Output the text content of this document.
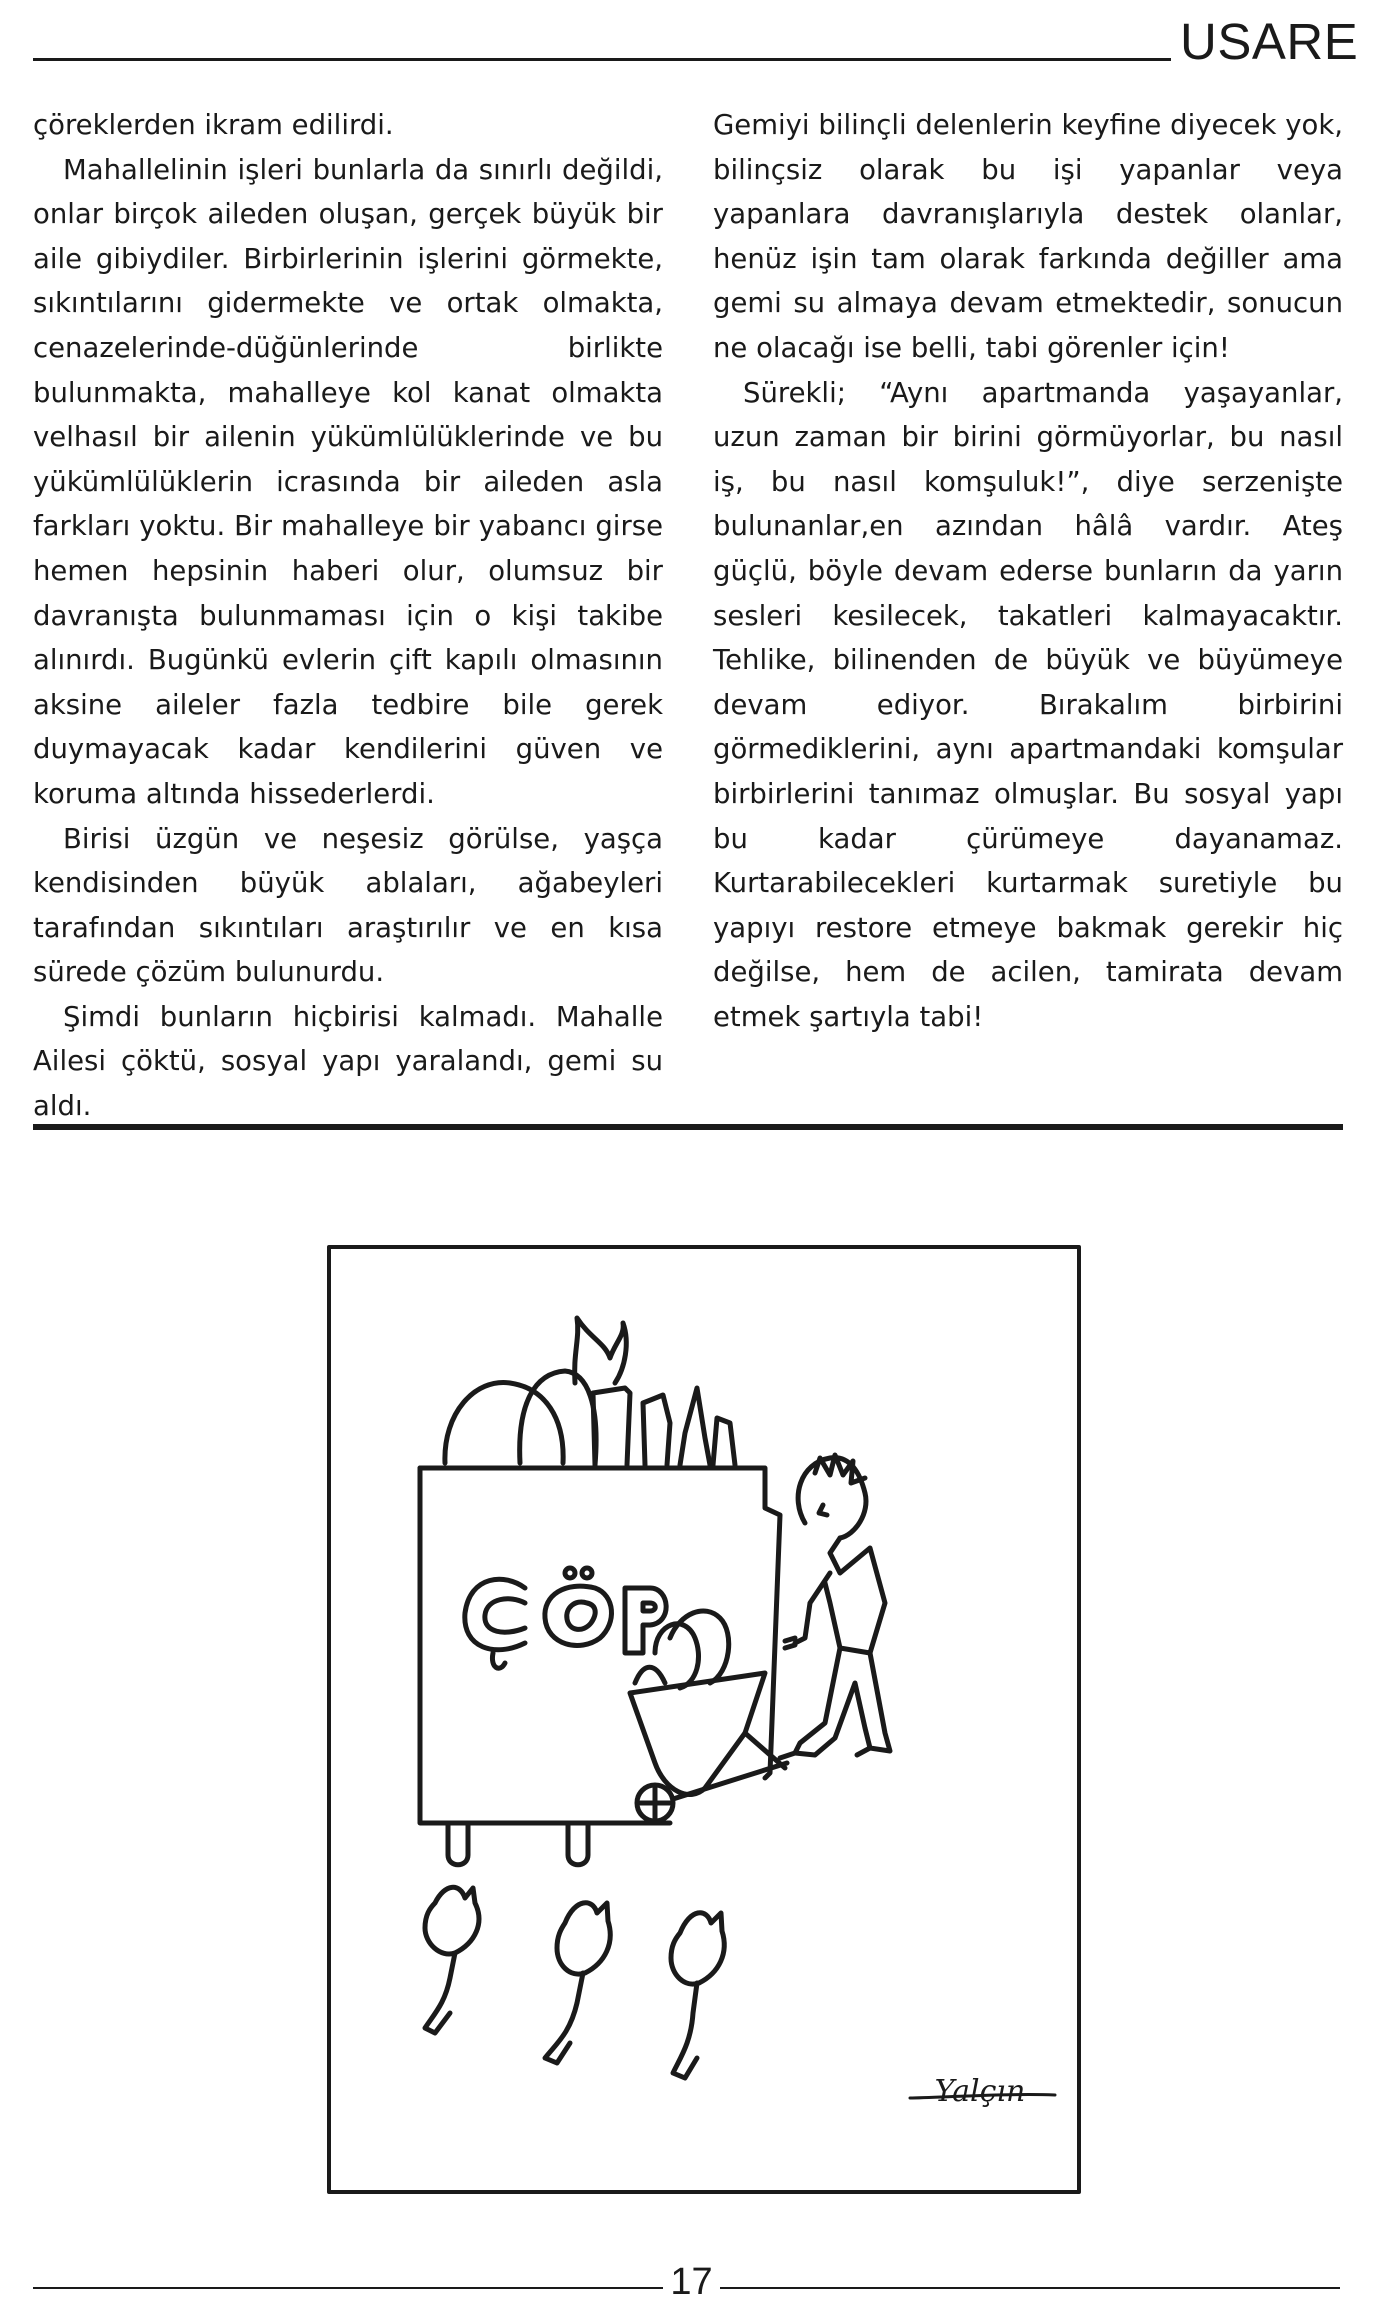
USARE

çöreklerden ikram edilirdi.

Mahallelinin işleri bunlarla da sınırlı değildi, onlar birçok aileden oluşan, gerçek büyük bir aile gibiydiler. Birbirlerinin işlerini görmekte, sıkıntılarını gidermekte ve ortak olmakta, cenazelerinde-düğünlerinde birlikte bulunmakta, mahalleye kol kanat olmakta velhasıl bir ailenin yükümlülüklerinde ve bu yükümlülüklerin icrasında bir aileden asla farkları yoktu. Bir mahalleye bir yabancı girse hemen hepsinin haberi olur, olumsuz bir davranışta bulunmaması için o kişi takibe alınırdı. Bugünkü evlerin çift kapılı olmasının aksine aileler fazla tedbire bile gerek duymayacak kadar kendilerini güven ve koruma altında hissederlerdi.

Birisi üzgün ve neşesiz görülse, yaşça kendisinden büyük ablaları, ağabeyleri tarafından sıkıntıları araştırılır ve en kısa sürede çözüm bulunurdu.

Şimdi bunların hiçbirisi kalmadı. Mahalle Ailesi çöktü, sosyal yapı yaralandı, gemi su aldı.

Gemiyi bilinçli delenlerin keyfine diyecek yok, bilinçsiz olarak bu işi yapanlar veya yapanlara davranışlarıyla destek olanlar, henüz işin tam olarak farkında değiller ama gemi su almaya devam etmektedir, sonucun ne olacağı ise belli, tabi görenler için!

Sürekli; “Aynı apartmanda yaşayanlar, uzun zaman bir birini görmüyorlar, bu nasıl iş, bu nasıl komşuluk!”, diye serzenişte bulunanlar,en azından hâlâ vardır. Ateş güçlü, böyle devam ederse bunların da yarın sesleri kesilecek, takatleri kalmayacaktır. Tehlike, bilinenden de büyük ve büyümeye devam ediyor. Bırakalım birbirini görmediklerini, aynı apartmandaki komşular birbirlerini tanımaz olmuşlar. Bu sosyal yapı bu kadar çürümeye dayanamaz. Kurtarabilecekleri kurtarmak suretiyle bu yapıyı restore etmeye bakmak gerekir hiç değilse, hem de acilen, tamirata devam etmek şartıyla tabi!

Yalçın
ÇÖP
17
